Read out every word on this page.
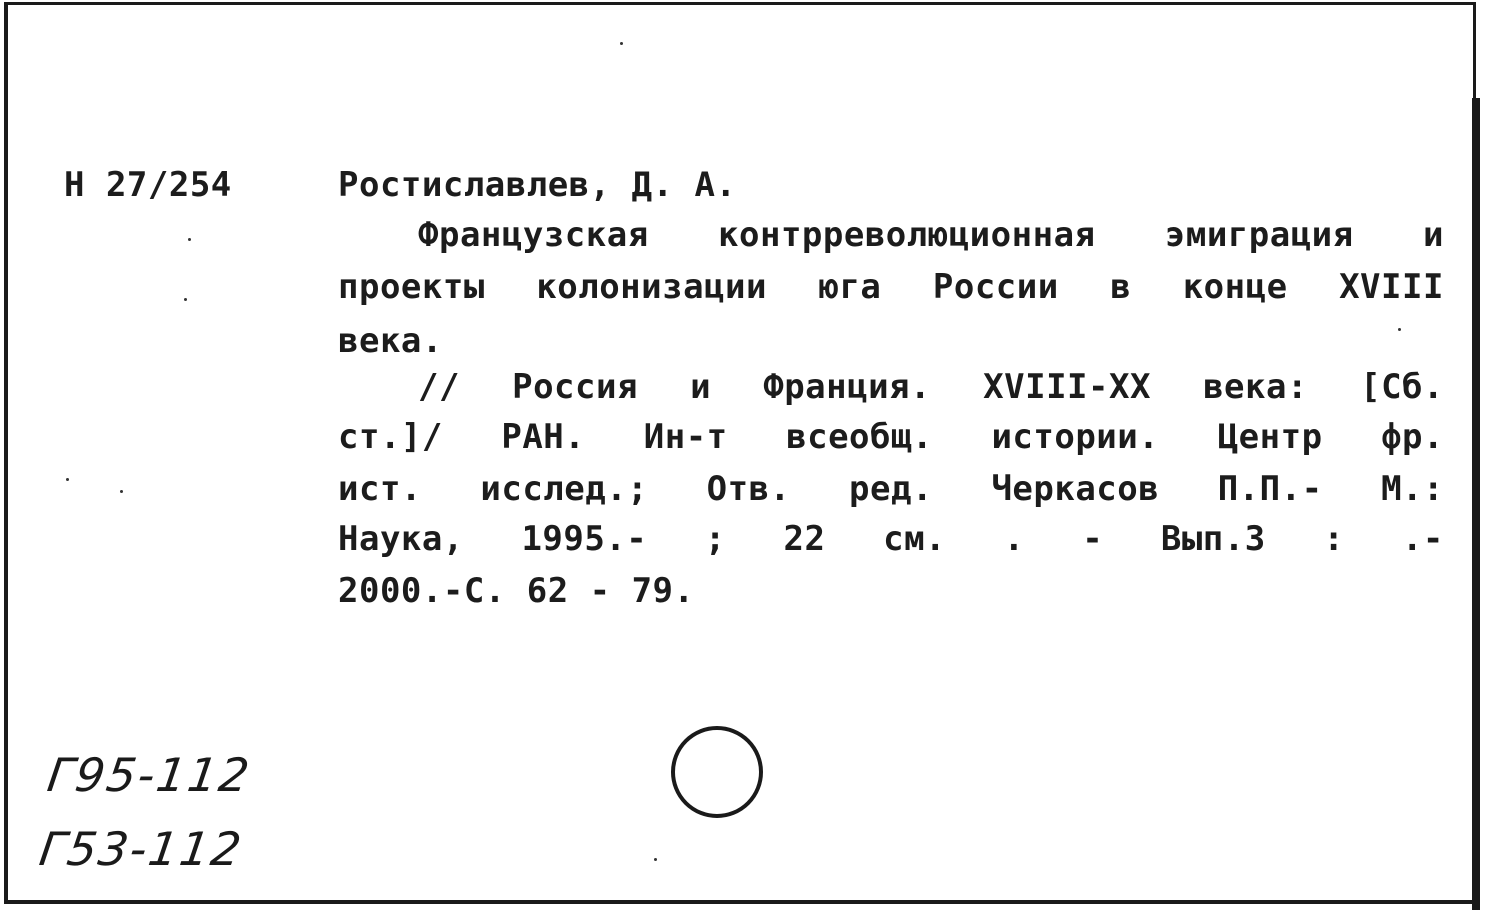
Н 27/254	Ростиславлев, Д. А.
Французская контрреволюционная эмиграция и
проекты колонизации юга России в конце XVIII
века.
// Россия и Франция. XVIII-XX века: [Сб.
ст.]/ РАН. Ин-т всеобщ. истории. Центр фр.
ист. исслед.; Отв. ред. Черкасов П.П.- М.:
Наука, 1995.- ; 22 см. . - Вып.3 : .-
2000.-С. 62 - 79.
Г95-112
Г53-112
